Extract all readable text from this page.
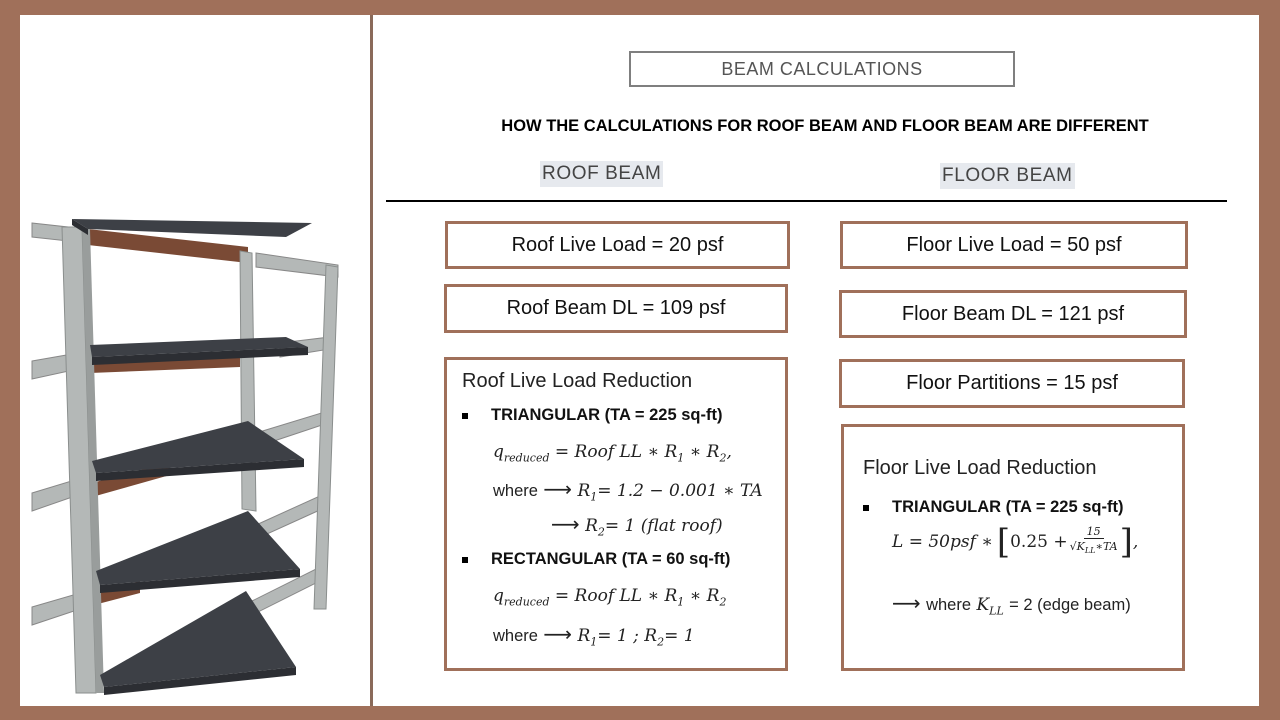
BEAM CALCULATIONS
HOW THE CALCULATIONS FOR ROOF BEAM AND FLOOR BEAM ARE DIFFERENT
ROOF BEAM	FLOOR BEAM
Roof Live Load = 20 psf
Roof Beam DL = 109 psf
Roof Live Load Reduction
TRIANGULAR (TA = 225 sq-ft)
$q_{reduced}$ = Roof LL ∗ $R_1$ ∗ $R_2$,
where ⟶ $R_1= 1.2 - 0.001$ ∗ TA
⟶ $R_2= 1$ (flat roof)
RECTANGULAR (TA = 60 sq-ft)
$q_{reduced}$ = Roof LL ∗ $R_1$ ∗ $R_2$
where ⟶ $R_1= 1$ ; $R_2= 1$
Floor Live Load = 50 psf
Floor Beam DL = 121 psf
Floor Partitions = 15 psf
Floor Live Load Reduction
TRIANGULAR (TA = 225 sq-ft)
L = 50psf ∗ [ $0.25 + \frac{15}{√K_{LL}∗TA}$ ] ,
⟶ where $K_{LL} = 2$ (edge beam)
